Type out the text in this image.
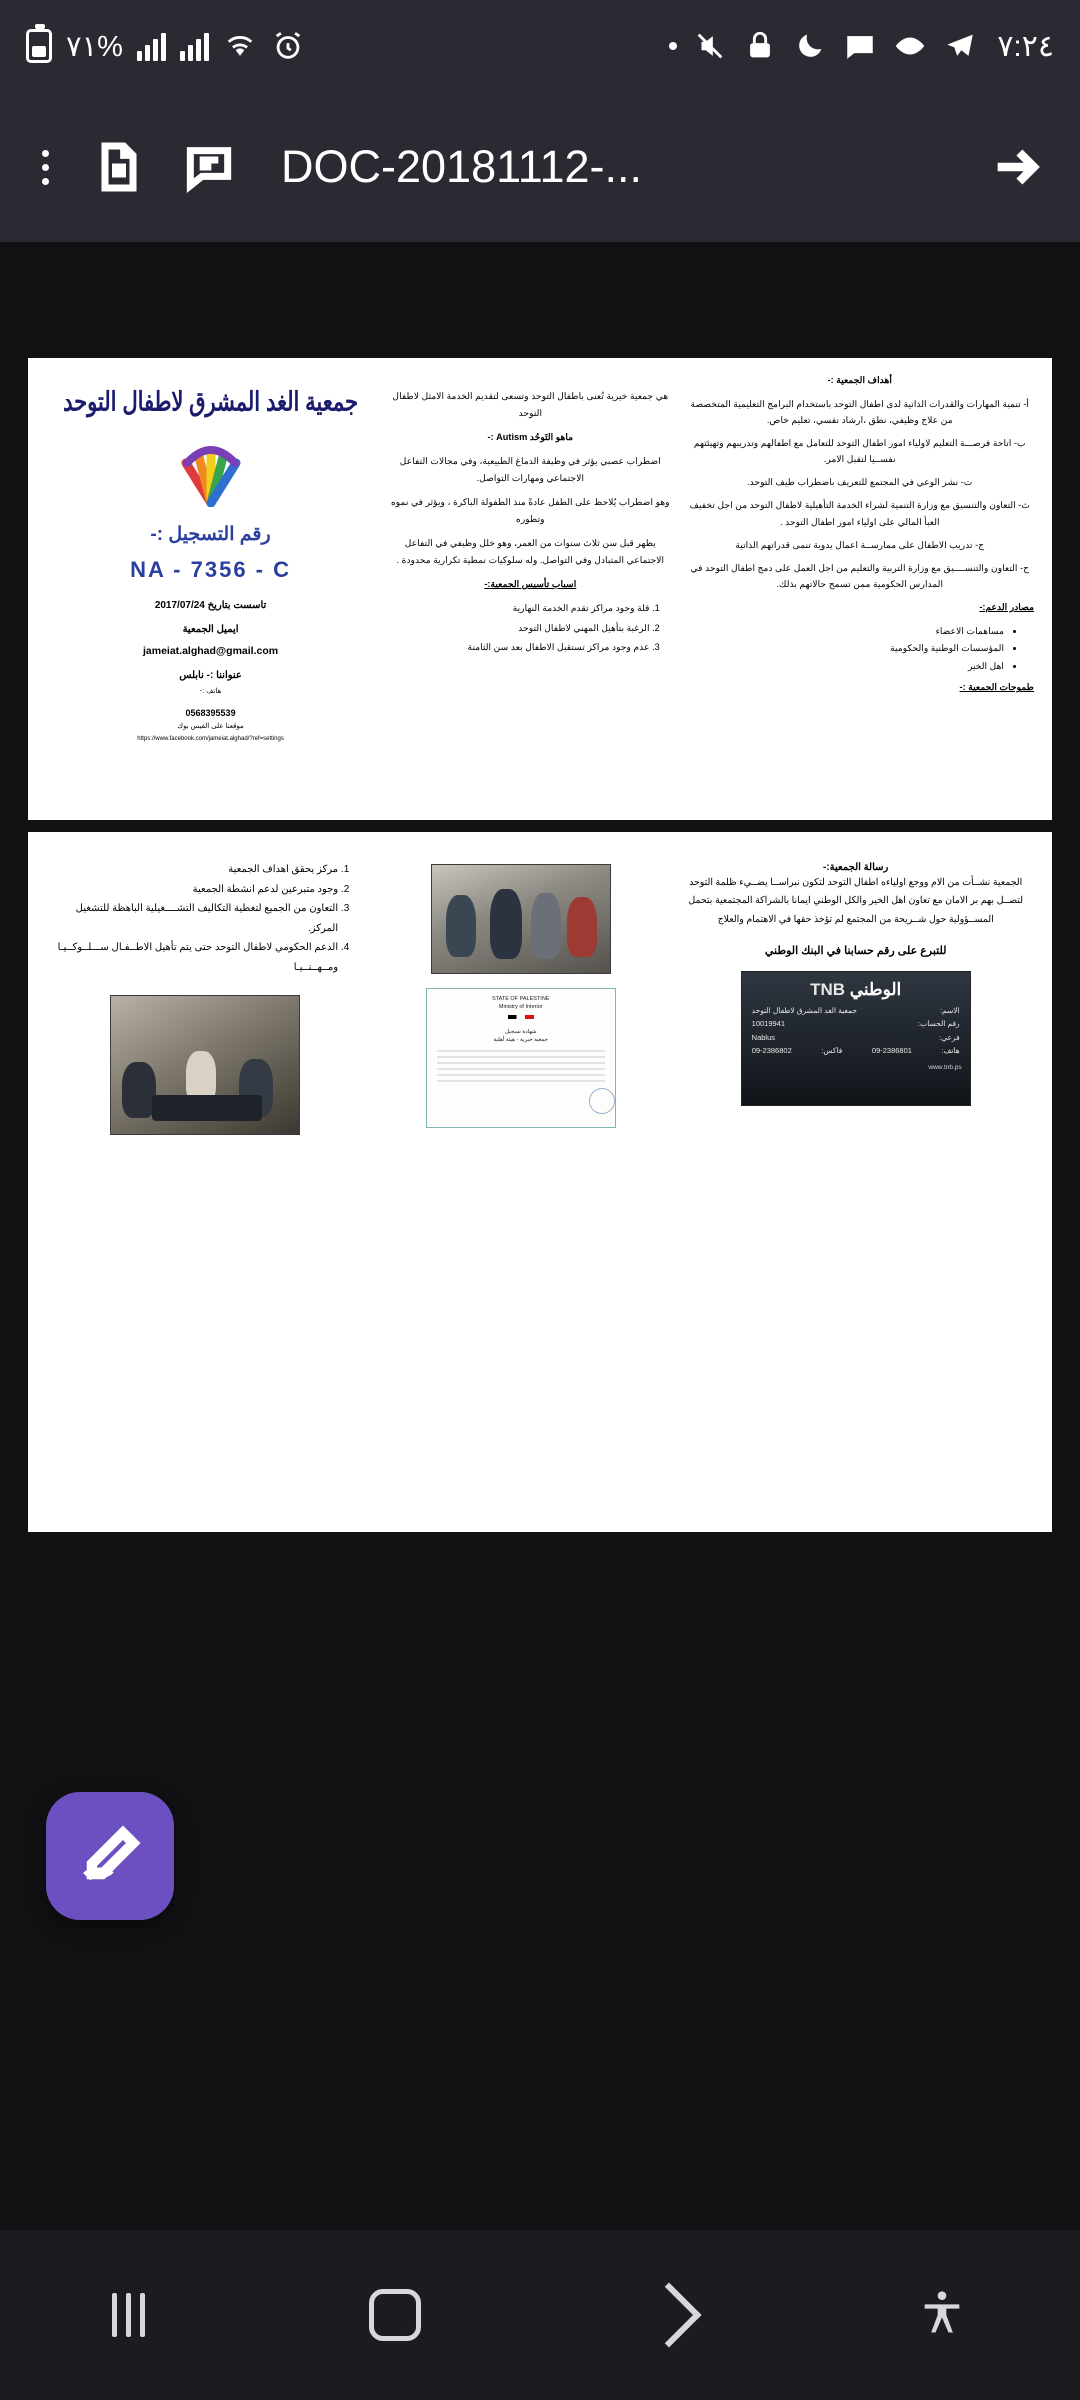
٧١%	٧:٢٤
DOC-20181112-...

أهداف الجمعية :-

أ- تنمية المهارات والقدرات الذاتية لدى اطفال التوحد باستخدام البرامج التعليمية المتخصصة من علاج وظيفي، نطق ،ارشاد نفسي، تعليم خاص.

ب- اتاحة فرصـــة التعليم لاولياء امور اطفال التوحد للتعامل مع اطفالهم وتدريبهم وتهيئتهم نفســيا لتقبل الامر.

ت- نشر الوعي في المجتمع للتعريف باضطراب طيف التوحد.

ث- التعاون والتنسيق مع وزارة التنمية لشراء الخدمة التأهيلية لاطفال التوحد من اجل تخفيف العبأ المالي على اولياء امور اطفال التوحد .

ج- تدريب الاطفال على ممارســة اعمال يدوية تنمى قدراتهم الذاتية

ح- التعاون والتنســــيق مع وزارة التربية والتعليم من اجل العمل على دمج اطفال التوحد في المدارس الحكومية ممن تسمح حالاتهم بذلك.

مصادر الدعم:-

• مساهمات الاعضاء
• المؤسسات الوطنية والحكومية
• اهل الخير

طموحات الجمعية :-

هي جمعية خيرية تُعنى باطفال التوحد وتسعى لتقديم الخدمة الامثل لاطفال التوحد

ماهو التَوحُد Autism :-

اضطراب عصبي يؤثر في وظيفة الدماغ الطبيعية، وفي مجالات التفاعل الاجتماعي ومهارات التواصل.

وهو اضطراب يُلاحظ على الطفل عادةً منذ الطفولة الباكرة ، ويؤثر في نموه وتطوره

يظهر قبل سن ثلاث سنوات من العمر، وهو خلل وظيفي في التفاعل الاجتماعي المتبادل وفي التواصل. وله سلوكيات نمطية تكرارية محدودة .

اسباب تأسيس الجمعية:-

1. قلة وجود مراكز تقدم الخدمة النهارية
2. الرغبة بتأهيل المهني لاطفال التوحد
3. عدم وجود مراكز تستقبل الاطفال بعد سن الثامنة
جمعية الغد المشرق لاطفال التوحد
رقم التسجيل :-
NA - 7356 - C
تاسست بتاريخ 2017/07/24
ايميل الجمعية
jameiat.alghad@gmail.com
عنواننا :- نابلس
هاتف :-
0568395539
موقعنا على الفيس بوك
https://www.facebook.com/jameiat.alghad/?ref=settings

رسالة الجمعية:-

الجمعية نشــأت من الام ووجع اولياءه اطفال التوحد لتكون نبراســا يضــيء ظلمة التوحد لتصــل بهم بر الامان مع تعاون اهل الخير والكل الوطني ايمانا بالشراكة المجتمعية بتحمل المســؤولية حول شــريحة من المجتمع لم تؤخذ حقها في الاهتمام والعلاج

للتبرع على رقم حسابنا في البنك الوطني

الوطني TNB
الاسم:
جمعية الغد المشرق لاطفال التوحد
رقم الحساب:
10019941
فرعي:
Nablus
هاتف:
09-2386801
فاكس:
09-2386802
www.tnb.ps
STATE OF PALESTINE
Ministry of Interior
شهادة تسجيل
جمعية خيرية - هيئة أهلية
1. مركز يحقق اهداف الجمعية
2. وجود متبرعين لدعم انشطة الجمعية
3. التعاون من الجميع لتغطية التكاليف التشــــغيلية الباهظة للتشغيل المركز.
4. الدعم الحكومي لاطفال التوحد حتى يتم تأهيل الاطــفـال ســـلــوكــيـا ومــهــنــيـا
